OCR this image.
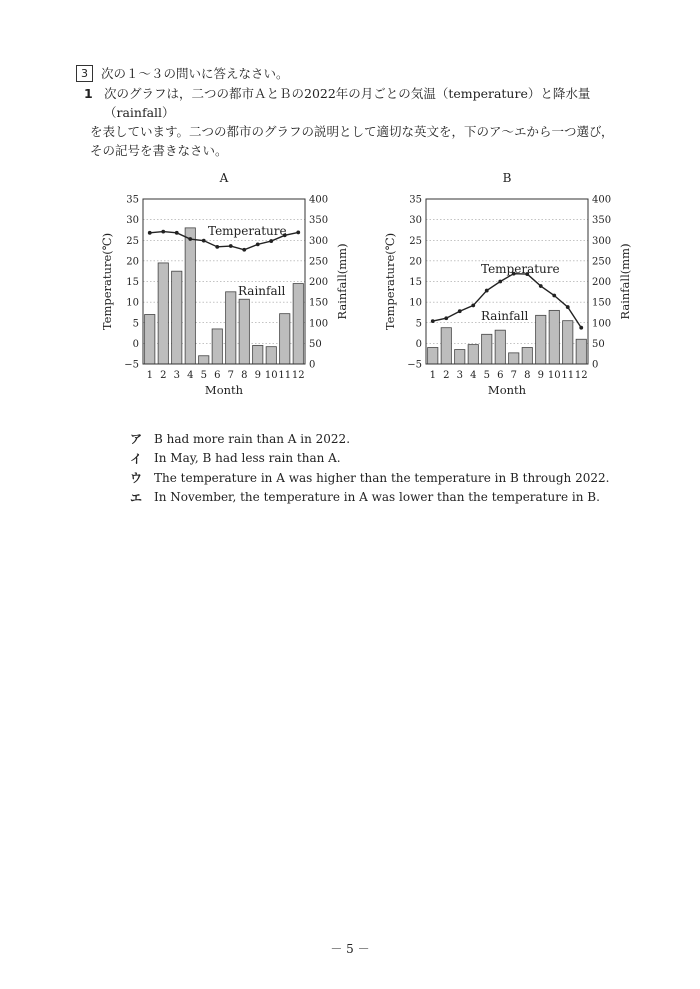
3	次の１～３の問いに答えなさい。
1 次のグラフは，二つの都市ＡとＢの2022年の月ごとの気温（temperature）と降水量（rainfall）
を表しています。二つの都市のグラフの説明として適切な英文を，下のア～エから一つ選び，
その記号を書きなさい。
A
−5
0
5
10
15
20
25
30
35
0
50
100
150
200
250
300
350
400
1 2 3 4 5 6 7 8 9 10 11 12
Month
Temperature(℃)	Rainfall(mm)
Temperature
Rainfall
B
−5
0
5
10
15
20
25
30
35
0
50
100
150
200
250
300
350
400
1 2 3 4 5 6 7 8 9 10 11 12
Month
Temperature(℃)	Rainfall(mm)
Temperature
Rainfall
ア B had more rain than A in 2022.
イ In May, B had less rain than A.
ウ The temperature in A was higher than the temperature in B through 2022.
エ In November, the temperature in A was lower than the temperature in B.
－ 5 －
